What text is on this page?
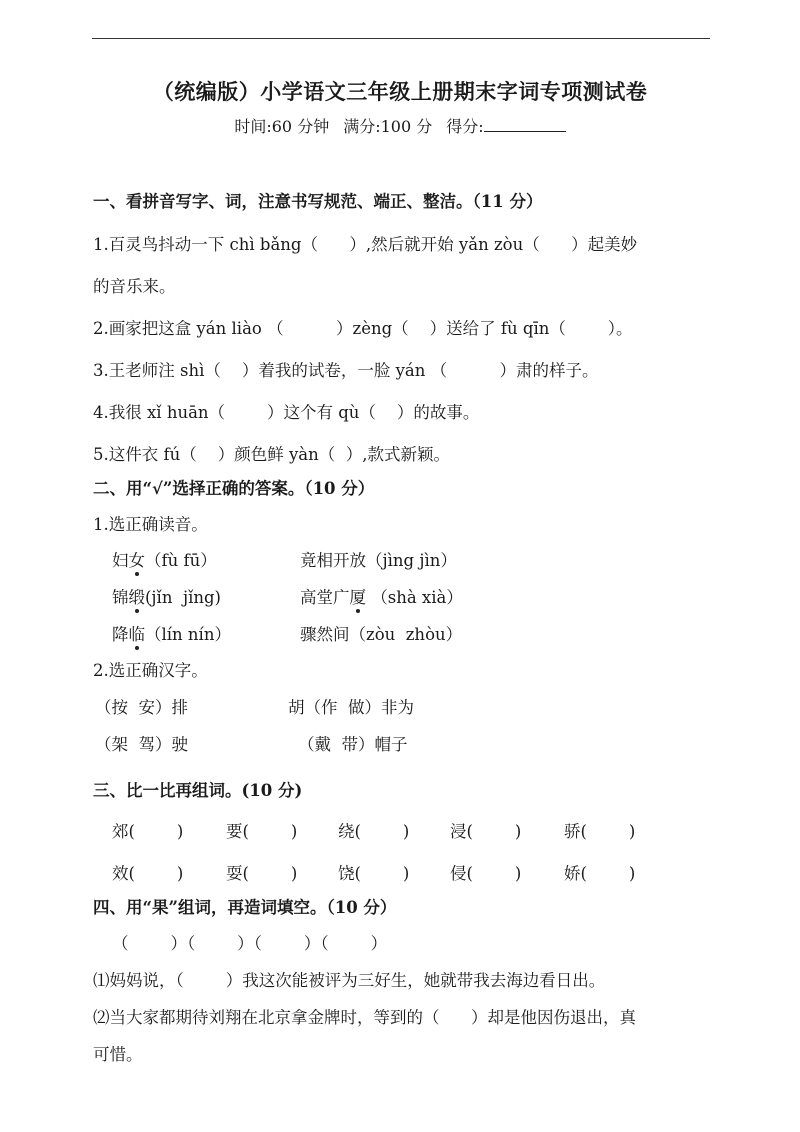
（统编版）小学语文三年级上册期末字词专项测试卷
时间:60 分钟 满分:100 分 得分:
一、看拼音写字、词，注意书写规范、端正、整洁。（11 分）
1.百灵鸟抖动一下 chì bǎng（      ）,然后就开始 yǎn zòu（      ）起美妙
的音乐来。
2.画家把这盒 yán liào （          ）zèng（    ）送给了 fù qīn（        ）。
3.王老师注 shì（    ）着我的试卷，一脸 yán （          ）肃的样子。
4.我很 xǐ huān（        ）这个有 qù（    ）的故事。
5.这件衣 fú（    ）颜色鲜 yàn（  ）,款式新颖。
二、用“√”选择正确的答案。（10 分）
1.选正确读音。
妇女（fù fū）	竟相开放（jìng jìn）
锦缎(jǐn  jǐng)	高堂广厦 （shà xià）
降临（lín nín）	骤然间（zòu  zhòu）
2.选正确汉字。
（按  安）排	胡（作  做）非为
（架  驾）驶	（戴  带）帽子
三、比一比再组词。(10 分)
郊(        )	要(        ) 绕(        ) 浸(        )	骄(        )
效(        )	耍(        ) 饶(        ) 侵(        )	娇(        )
四、用“果”组词，再造词填空。（10 分）
（        ）（        ）（        ）（        ）
⑴妈妈说，（        ）我这次能被评为三好生，她就带我去海边看日出。
⑵当大家都期待刘翔在北京拿金牌时，等到的（      ）却是他因伤退出，真
可惜。
